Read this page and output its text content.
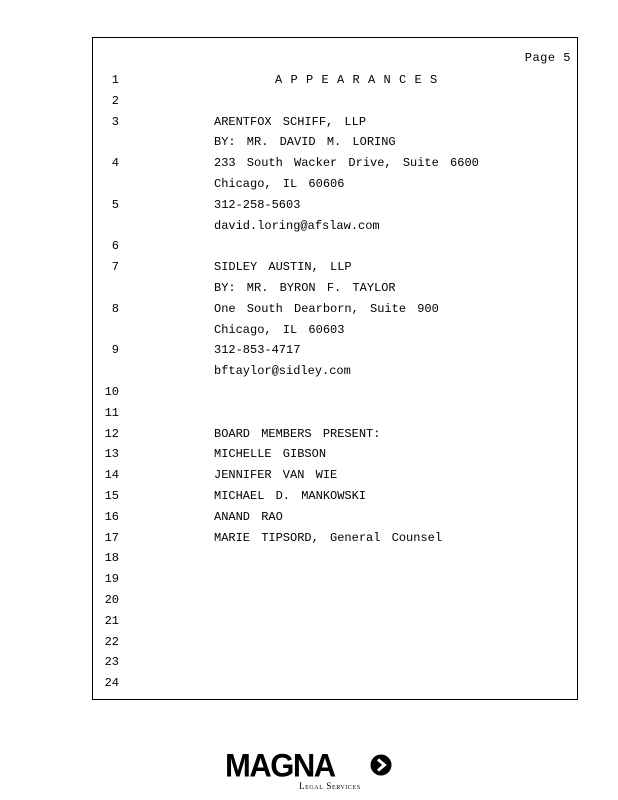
Page 5
1	APPEARANCES
2
3	ARENTFOX SCHIFF, LLP
BY: MR. DAVID M. LORING
4	233 South Wacker Drive, Suite 6600
Chicago, IL 60606
5	312-258-5603
david.loring@afslaw.com
6
7	SIDLEY AUSTIN, LLP
BY: MR. BYRON F. TAYLOR
8	One South Dearborn, Suite 900
Chicago, IL 60603
9	312-853-4717
bftaylor@sidley.com
10
11
12	BOARD MEMBERS PRESENT:
13	MICHELLE GIBSON
14	JENNIFER VAN WIE
15	MICHAEL D. MANKOWSKI
16	ANAND RAO
17	MARIE TIPSORD, General Counsel
18
19
20
21
22
23
24
MAGNA
Legal Services
